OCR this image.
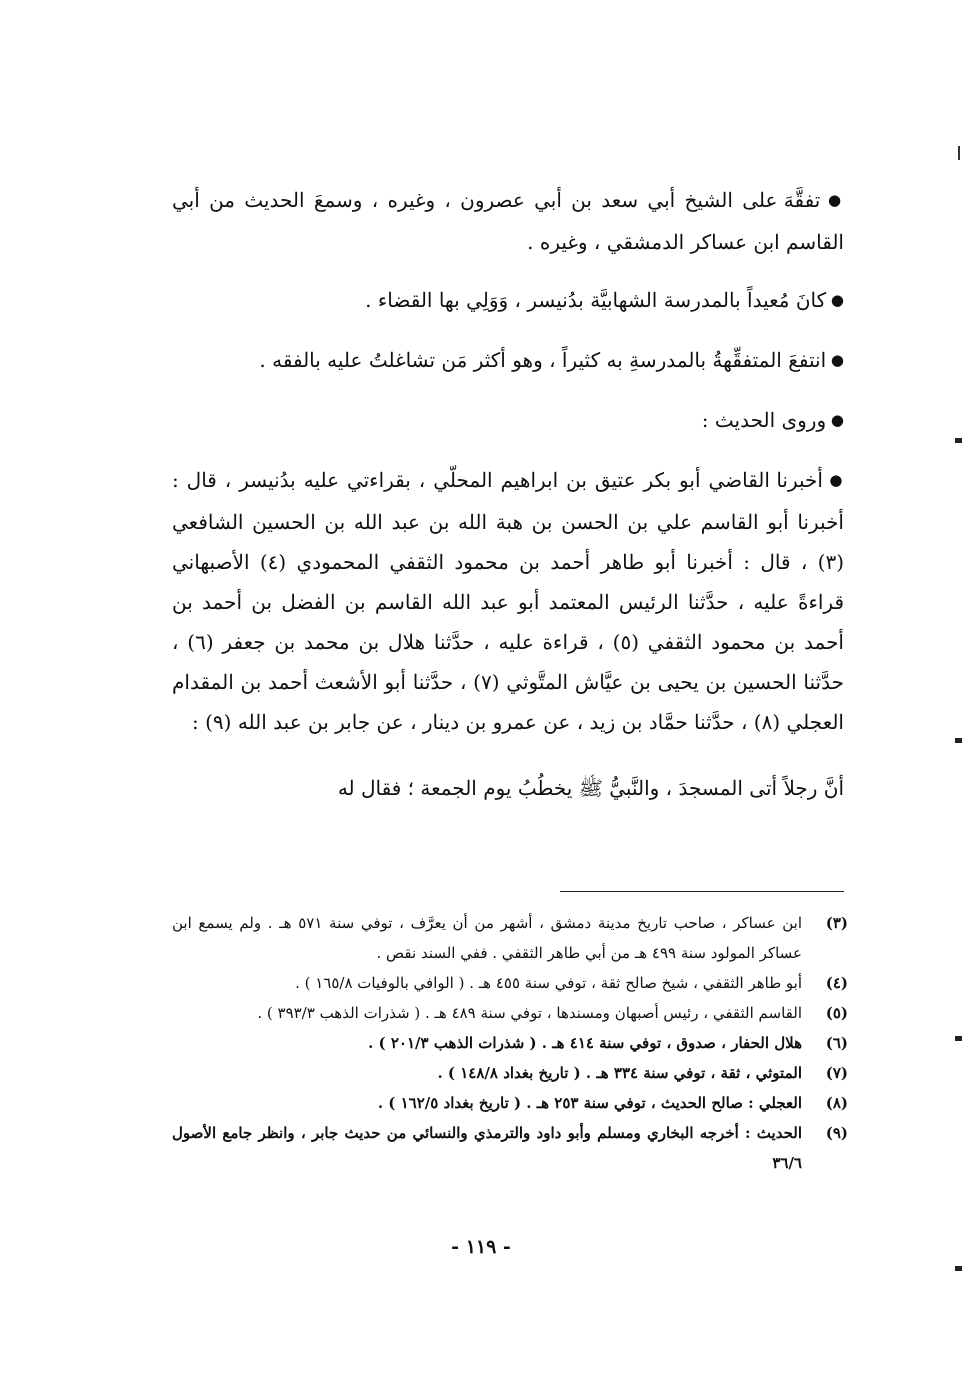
● تفقَّهَ على الشيخ أبي سعد بن أبي عصرون ، وغيره ، وسمعَ الحديث من أبي القاسم ابن عساكر الدمشقي ، وغيره .

● كانَ مُعيداً بالمدرسة الشهابيَّة بدُنيسر ، وَوَلِي بها القضاء .

● انتفعَ المتفقِّهةُ بالمدرسةِ به كثيراً ، وهو أكثر مَن تشاغلتُ عليه بالفقه .

● وروى الحديث :

● أخبرنا القاضي أبو بكر عتيق بن ابراهيم المحلّي ، بقراءتي عليه بدُنيسر ، قال : أخبرنا أبو القاسم علي بن الحسن بن هبة الله بن عبد الله بن الحسين الشافعي (٣) ، قال : أخبرنا أبو طاهر أحمد بن محمود الثقفي المحمودي (٤) الأصبهاني قراءةً عليه ، حدَّثنا الرئيس المعتمد أبو عبد الله القاسم بن الفضل بن أحمد بن أحمد بن محمود الثقفي (٥) ، قراءة عليه ، حدَّثنا هلال بن محمد بن جعفر (٦) ، حدَّثنا الحسين بن يحيى بن عيَّاش المتَّوثي (٧) ، حدَّثنا أبو الأشعث أحمد بن المقدام العجلي (٨) ، حدَّثنا حمَّاد بن زيد ، عن عمرو بن دينار ، عن جابر بن عبد الله (٩) :

أنَّ رجلاً أتى المسجدَ ، والنَّبيُّ ﷺ يخطُبُ يوم الجمعة ؛ فقال له

(٣)
ابن عساكر ، صاحب تاريخ مدينة دمشق ، أشهر من أن يعرَّف ، توفي سنة ٥٧١ هـ . ولم يسمع ابن عساكر المولود سنة ٤٩٩ هـ من أبي طاهر الثقفي . ففي السند نقص .
(٤)
أبو طاهر الثقفي ، شيخ صالح ثقة ، توفي سنة ٤٥٥ هـ . ( الوافي بالوفيات ١٦٥/٨ ) .
(٥)
القاسم الثقفي ، رئيس أصبهان ومسندها ، توفي سنة ٤٨٩ هـ . ( شذرات الذهب ٣٩٣/٣ ) .
(٦)
هلال الحفار ، صدوق ، توفي سنة ٤١٤ هـ . ( شذرات الذهب ٢٠١/٣ ) .
(٧)
المتوثي ، ثقة ، توفي سنة ٣٣٤ هـ . ( تاريخ بغداد ١٤٨/٨ ) .
(٨)
العجلي : صالح الحديث ، توفي سنة ٢٥٣ هـ . ( تاريخ بغداد ١٦٢/٥ ) .
(٩)
الحديث : أخرجه البخاري ومسلم وأبو داود والترمذي والنسائي من حديث جابر ، وانظر جامع الأصول ٣٦/٦
- ١١٩ -
